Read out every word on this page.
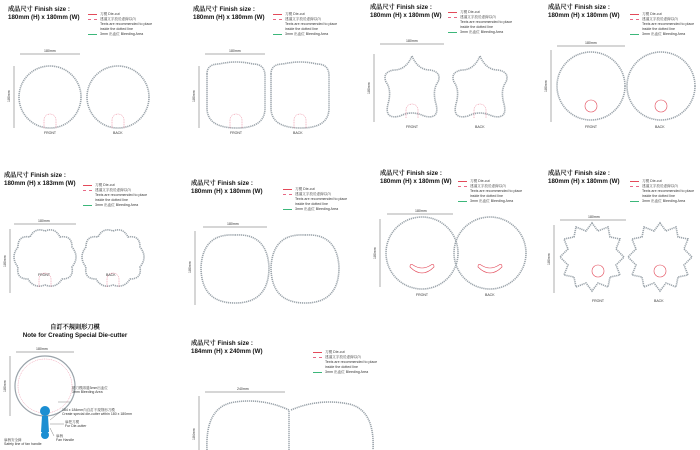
成品尺寸 Finish size :
180mm (H) x 180mm (W)	刀模 Die-cut
建議文字放於虛線以內
Texts are recommended to place
inside the dotted line
3mm 出血位 Bleeding Area
180mm
180mm
FRONT	BACK
成品尺寸 Finish size :
180mm (H) x 180mm (W)	刀模 Die-cut
建議文字放於虛線以內
Texts are recommended to place
inside the dotted line
3mm 出血位 Bleeding Area
180mm
180mm
FRONT	BACK
成品尺寸 Finish size :
180mm (H) x 180mm (W)	刀模 Die-cut
建議文字放於虛線以內
Texts are recommended to place
inside the dotted line
3mm 出血位 Bleeding Area
180mm
180mm
FRONT	BACK
成品尺寸 Finish size :
180mm (H) x 180mm (W)	刀模 Die-cut
建議文字放於虛線以內
Texts are recommended to place
inside the dotted line
3mm 出血位 Bleeding Area
180mm
180mm
FRONT	BACK
成品尺寸 Finish size :
180mm (H) x 183mm (W)	刀模 Die-cut
建議文字放於虛線以內
Texts are recommended to place
inside the dotted line
3mm 出血位 Bleeding Area
180mm
180mm
FRONT	BACK
成品尺寸 Finish size :
180mm (H) x 180mm (W)	刀模 Die-cut
建議文字放於虛線以內
Texts are recommended to place
inside the dotted line
3mm 出血位 Bleeding Area
180mm
180mm
成品尺寸 Finish size :
180mm (H) x 180mm (W)	刀模 Die-cut
建議文字放於虛線以內
Texts are recommended to place
inside the dotted line
3mm 出血位 Bleeding Area
180mm
180mm
FRONT	BACK
成品尺寸 Finish size :
180mm (H) x 180mm (W)	刀模 Die-cut
建議文字放於虛線以內
Texts are recommended to place
inside the dotted line
3mm 出血位 Bleeding Area
180mm
180mm
FRONT	BACK
自訂不規則形刀模
Note for Creating Special Die-cutter
180mm
180mm	錯刀模兩邊3mm出血位
3mm Bleeding Area
184 x 184mm內自訂不規則形刀模
Create special die-cutter within 180 x 180mm
扇把刀模
Fur Die-cutter
扇柄
Fan Handle
扇柄安全線
Safety line of fan handle
成品尺寸 Finish size :
184mm (H) x 240mm (W)	刀模 Die-cut
建議文字放於虛線以內
Texts are recommended to place
inside the dotted line
3mm 出血位 Bleeding Area
240mm
184mm
